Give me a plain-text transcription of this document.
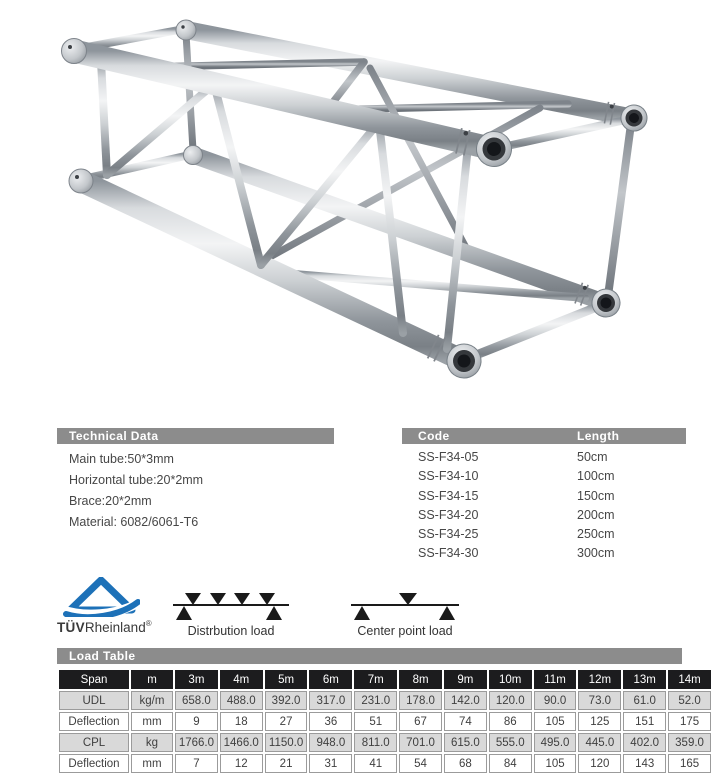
Technical Data
Main tube:50*3mm
Horizontal tube:20*2mm
Brace:20*2mm
Material: 6082/6061-T6
Code	Length
SS-F34-05	50cm
SS-F34-10	100cm
SS-F34-15	150cm
SS-F34-20	200cm
SS-F34-25	250cm
SS-F34-30	300cm
TÜVRheinland®
Distrbution load	Center point load
Load Table
Span	m	3m	4m	5m	6m	7m	8m	9m	10m	11m	12m	13m	14m
UDL	kg/m	658.0	488.0	392.0	317.0	231.0	178.0	142.0	120.0	90.0	73.0	61.0	52.0
Deflection	mm	9	18	27	36	51	67	74	86	105	125	151	175
CPL	kg	1766.0	1466.0	1150.0	948.0	811.0	701.0	615.0	555.0	495.0	445.0	402.0	359.0
Deflection	mm	7	12	21	31	41	54	68	84	105	120	143	165
